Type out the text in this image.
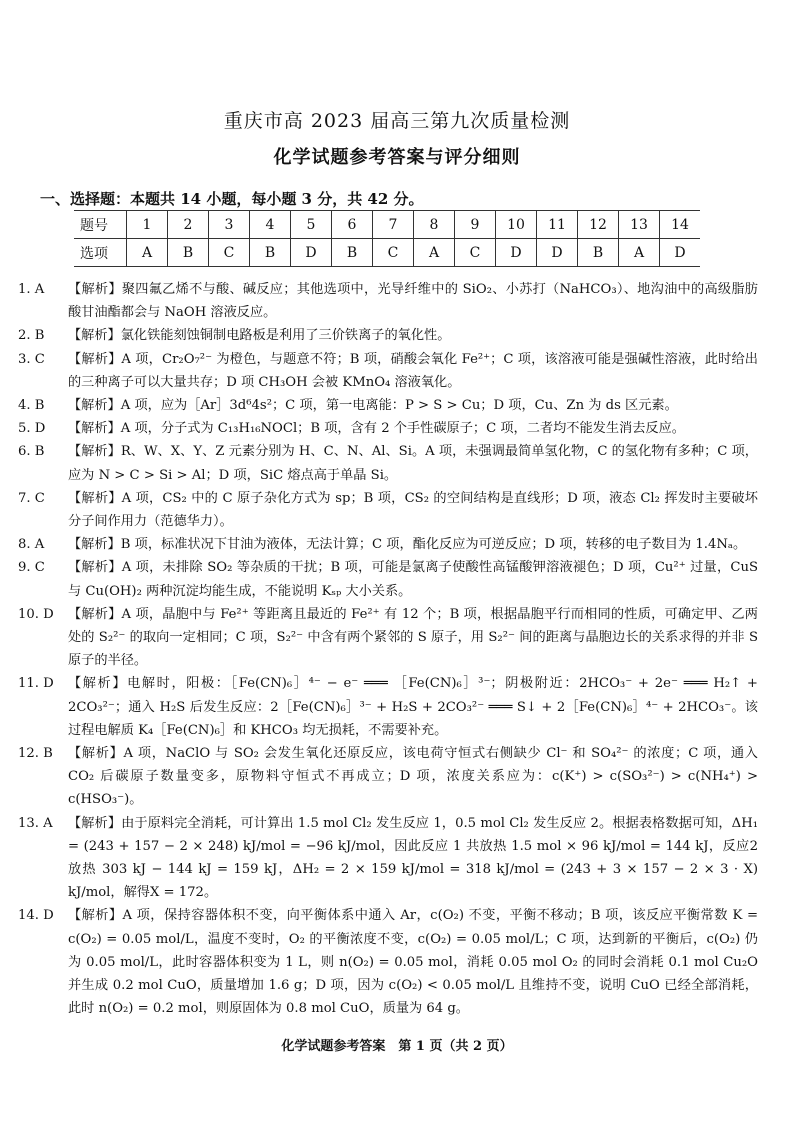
重庆市高 2023 届高三第九次质量检测
化学试题参考答案与评分细则
一、选择题：本题共 14 小题，每小题 3 分，共 42 分。
题号	1	2	3	4	5	6	7	8	9	10	11	12	13	14
选项	A	B	C	B	D	B	C	A	C	D	D	B	A	D
1. A	【解析】聚四氟乙烯不与酸、碱反应；其他选项中，光导纤维中的 SiO₂、小苏打（NaHCO₃）、地沟油中的高级脂肪酸甘油酯都会与 NaOH 溶液反应。
2. B	【解析】氯化铁能刻蚀铜制电路板是利用了三价铁离子的氧化性。
3. C	【解析】A 项，Cr₂O₇²⁻ 为橙色，与题意不符；B 项，硝酸会氧化 Fe²⁺；C 项，该溶液可能是强碱性溶液，此时给出的三种离子可以大量共存；D 项 CH₃OH 会被 KMnO₄ 溶液氧化。
4. B	【解析】A 项，应为［Ar］3d⁶4s²；C 项，第一电离能：P > S > Cu；D 项，Cu、Zn 为 ds 区元素。
5. D	【解析】A 项，分子式为 C₁₃H₁₆NOCl；B 项，含有 2 个手性碳原子；C 项，二者均不能发生消去反应。
6. B	【解析】R、W、X、Y、Z 元素分别为 H、C、N、Al、Si。A 项，未强调最简单氢化物，C 的氢化物有多种；C 项，应为 N > C > Si > Al；D 项，SiC 熔点高于单晶 Si。
7. C	【解析】A 项，CS₂ 中的 C 原子杂化方式为 sp；B 项，CS₂ 的空间结构是直线形；D 项，液态 Cl₂ 挥发时主要破坏分子间作用力（范德华力）。
8. A	【解析】B 项，标准状况下甘油为液体，无法计算；C 项，酯化反应为可逆反应；D 项，转移的电子数目为 1.4Nₐ。
9. C	【解析】A 项，未排除 SO₂ 等杂质的干扰；B 项，可能是氯离子使酸性高锰酸钾溶液褪色；D 项，Cu²⁺ 过量，CuS 与 Cu(OH)₂ 两种沉淀均能生成，不能说明 Kₛₚ 大小关系。
10. D	【解析】A 项，晶胞中与 Fe²⁺ 等距离且最近的 Fe²⁺ 有 12 个；B 项，根据晶胞平行而相同的性质，可确定甲、乙两处的 S₂²⁻ 的取向一定相同；C 项，S₂²⁻ 中含有两个紧邻的 S 原子，用 S₂²⁻ 间的距离与晶胞边长的关系求得的并非 S 原子的半径。
11. D	【解析】电解时，阳极：［Fe(CN)₆］⁴⁻ − e⁻ ═══ ［Fe(CN)₆］³⁻；阴极附近：2HCO₃⁻ + 2e⁻ ═══ H₂↑ + 2CO₃²⁻；通入 H₂S 后发生反应：2［Fe(CN)₆］³⁻ + H₂S + 2CO₃²⁻ ═══ S↓ + 2［Fe(CN)₆］⁴⁻ + 2HCO₃⁻。该过程电解质 K₄［Fe(CN)₆］和 KHCO₃ 均无损耗，不需要补充。
12. B	【解析】A 项，NaClO 与 SO₂ 会发生氧化还原反应，该电荷守恒式右侧缺少 Cl⁻ 和 SO₄²⁻ 的浓度；C 项，通入 CO₂ 后碳原子数量变多，原物料守恒式不再成立；D 项，浓度关系应为：c(K⁺) > c(SO₃²⁻) > c(NH₄⁺) > c(HSO₃⁻)。
13. A	【解析】由于原料完全消耗，可计算出 1.5 mol Cl₂ 发生反应 1，0.5 mol Cl₂ 发生反应 2。根据表格数据可知，ΔH₁ = (243 + 157 − 2 × 248) kJ/mol = −96 kJ/mol，因此反应 1 共放热 1.5 mol × 96 kJ/mol = 144 kJ，反应2 放热 303 kJ − 144 kJ = 159 kJ，ΔH₂ = 2 × 159 kJ/mol = 318 kJ/mol = (243 + 3 × 157 − 2 × 3 · X) kJ/mol，解得X = 172。
14. D	【解析】A 项，保持容器体积不变，向平衡体系中通入 Ar，c(O₂) 不变，平衡不移动；B 项，该反应平衡常数 K = c(O₂) = 0.05 mol/L，温度不变时，O₂ 的平衡浓度不变，c(O₂) = 0.05 mol/L；C 项，达到新的平衡后，c(O₂) 仍为 0.05 mol/L，此时容器体积变为 1 L，则 n(O₂) = 0.05 mol，消耗 0.05 mol O₂ 的同时会消耗 0.1 mol Cu₂O 并生成 0.2 mol CuO，质量增加 1.6 g；D 项，因为 c(O₂) < 0.05 mol/L 且维持不变，说明 CuO 已经全部消耗，此时 n(O₂) = 0.2 mol，则原固体为 0.8 mol CuO，质量为 64 g。
化学试题参考答案　第 1 页（共 2 页）
